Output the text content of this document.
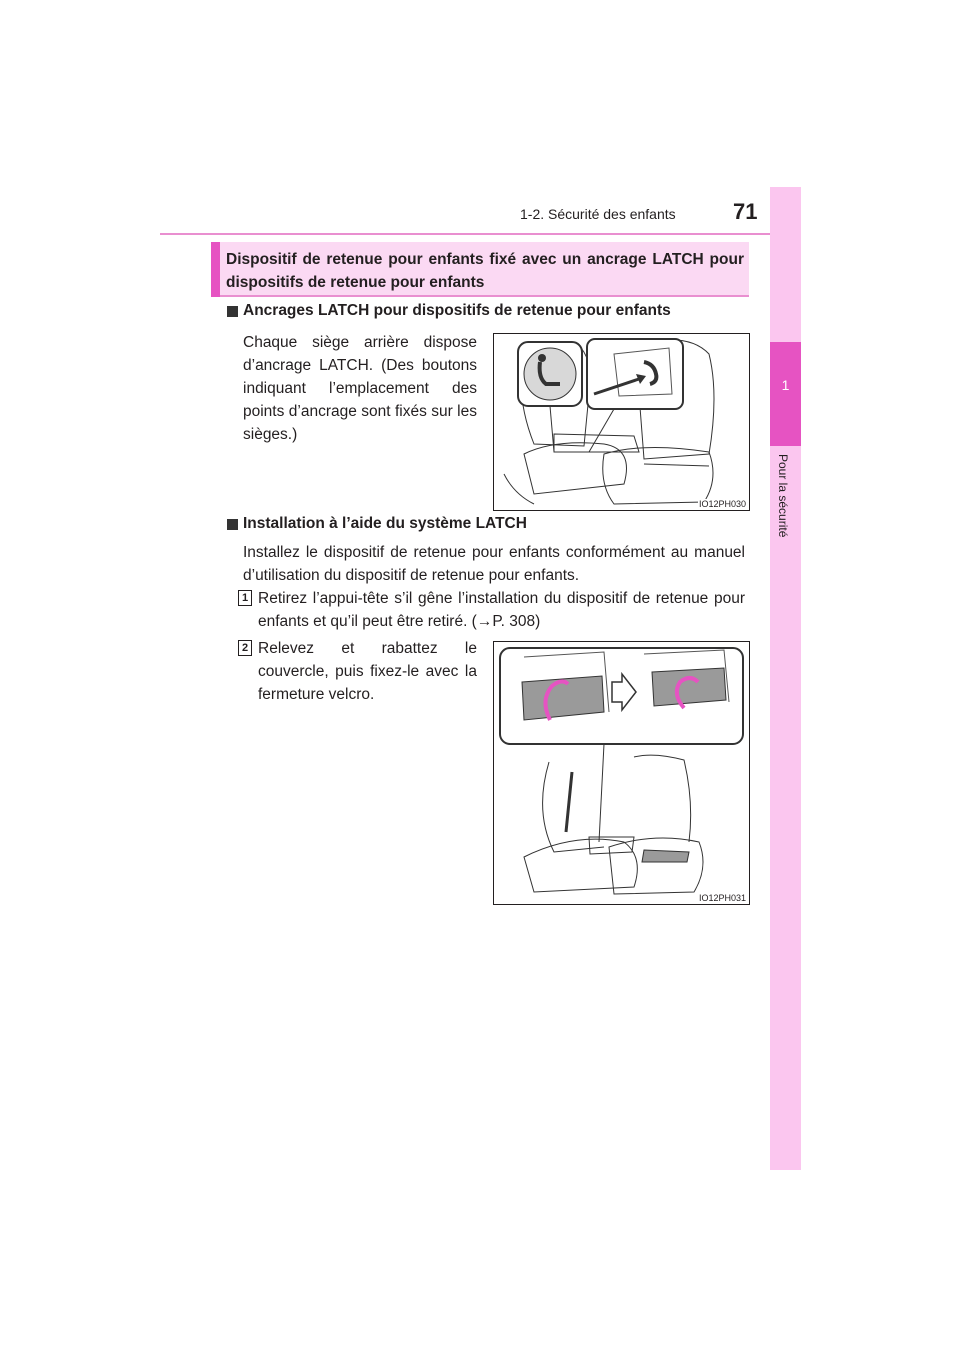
1-2. Sécurité des enfants	71
1
Pour la sécurité
Dispositif de retenue pour enfants fixé avec un ancrage LATCH pour dispositifs de retenue pour enfants
Ancrages LATCH pour dispositifs de retenue pour enfants
Chaque siège arrière dispose d’ancrage LATCH. (Des boutons indiquant l’emplacement des points d’ancrage sont fixés sur les sièges.)
IO12PH030
Installation à l’aide du système LATCH
Installez le dispositif de retenue pour enfants conformément au manuel d’utilisation du dispositif de retenue pour enfants.
1 Retirez l’appui-tête s’il gêne l’installation du dispositif de retenue pour enfants et qu’il peut être retiré. (→P. 308)
2 Relevez et rabattez le couvercle, puis fixez-le avec la fermeture velcro.
IO12PH031
